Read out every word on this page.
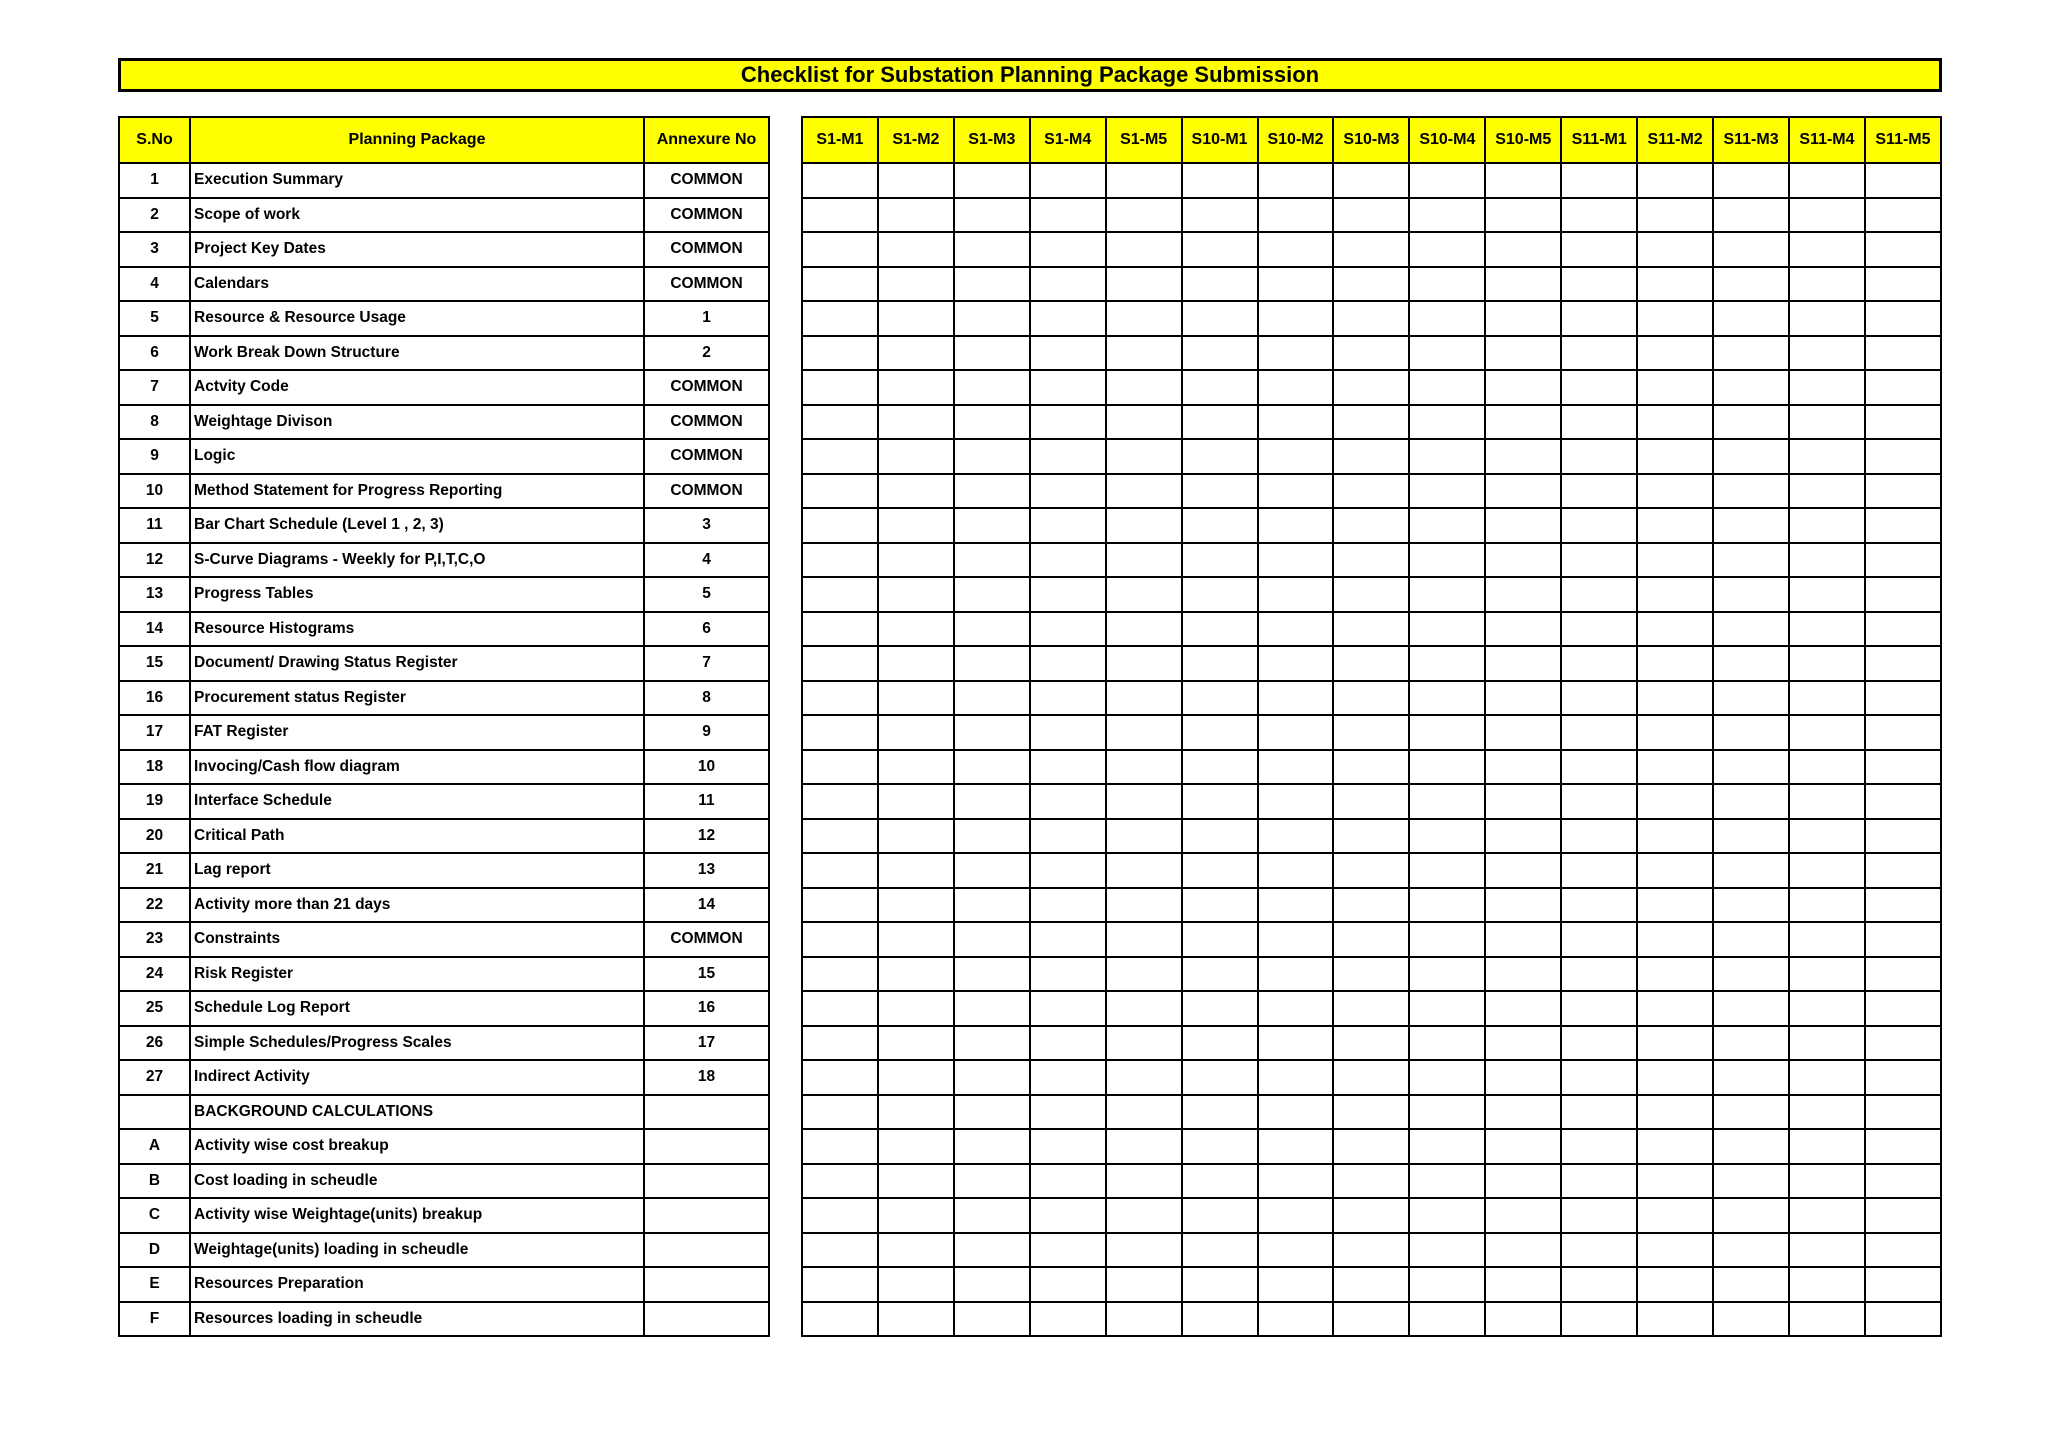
Checklist for Substation Planning Package Submission
S.No	Planning Package	Annexure No
1	Execution Summary	COMMON
2	Scope of work	COMMON
3	Project Key Dates	COMMON
4	Calendars	COMMON
5	Resource & Resource Usage	1
6	Work Break Down Structure	2
7	Actvity Code	COMMON
8	Weightage Divison	COMMON
9	Logic	COMMON
10	Method Statement for Progress Reporting	COMMON
11	Bar Chart Schedule (Level 1 , 2, 3)	3
12	S-Curve Diagrams - Weekly for P,I,T,C,O	4
13	Progress Tables	5
14	Resource Histograms	6
15	Document/ Drawing Status Register	7
16	Procurement status Register	8
17	FAT Register	9
18	Invocing/Cash flow diagram	10
19	Interface Schedule	11
20	Critical Path	12
21	Lag report	13
22	Activity more than 21 days	14
23	Constraints	COMMON
24	Risk Register	15
25	Schedule Log Report	16
26	Simple Schedules/Progress Scales	17
27	Indirect Activity	18
	BACKGROUND CALCULATIONS	
A	Activity wise cost breakup	
B	Cost loading in scheudle	
C	Activity wise Weightage(units) breakup	
D	Weightage(units) loading in scheudle	
E	Resources Preparation	
F	Resources loading in scheudle	
S1-M1	S1-M2	S1-M3	S1-M4	S1-M5	S10-M1	S10-M2	S10-M3	S10-M4	S10-M5	S11-M1	S11-M2	S11-M3	S11-M4	S11-M5
